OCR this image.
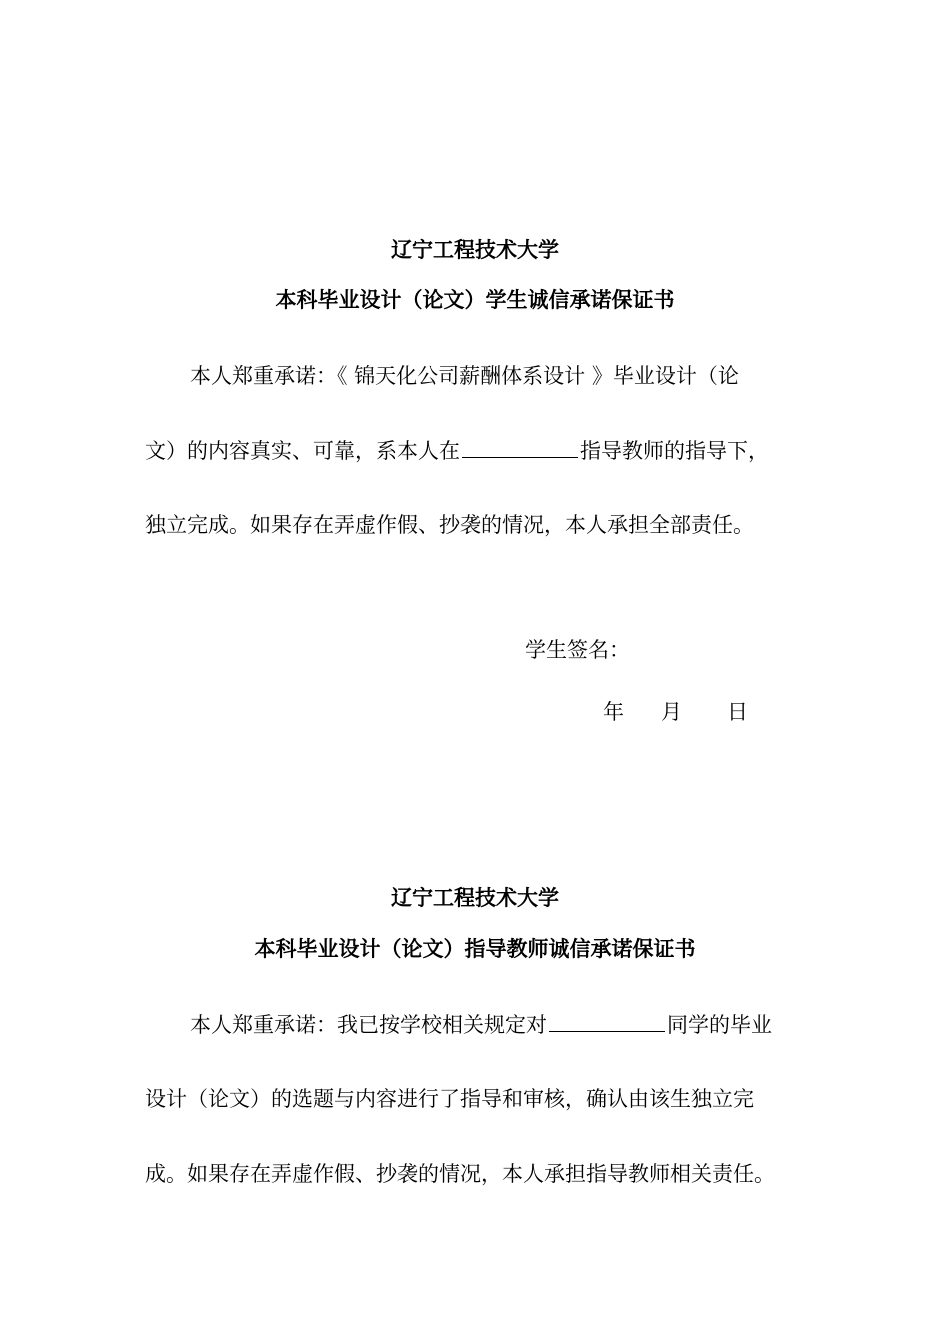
辽宁工程技术大学
本科毕业设计（论文）学生诚信承诺保证书
本人郑重承诺：《 锦天化公司薪酬体系设计 》毕业设计（论
文）的内容真实、可靠，系本人在	指导教师的指导下，
独立完成。如果存在弄虚作假、抄袭的情况，本人承担全部责任。
学生签名：
年 月 日
辽宁工程技术大学
本科毕业设计（论文）指导教师诚信承诺保证书
本人郑重承诺：我已按学校相关规定对	同学的毕业
设计（论文）的选题与内容进行了指导和审核，确认由该生独立完
成。如果存在弄虚作假、抄袭的情况，本人承担指导教师相关责任。
